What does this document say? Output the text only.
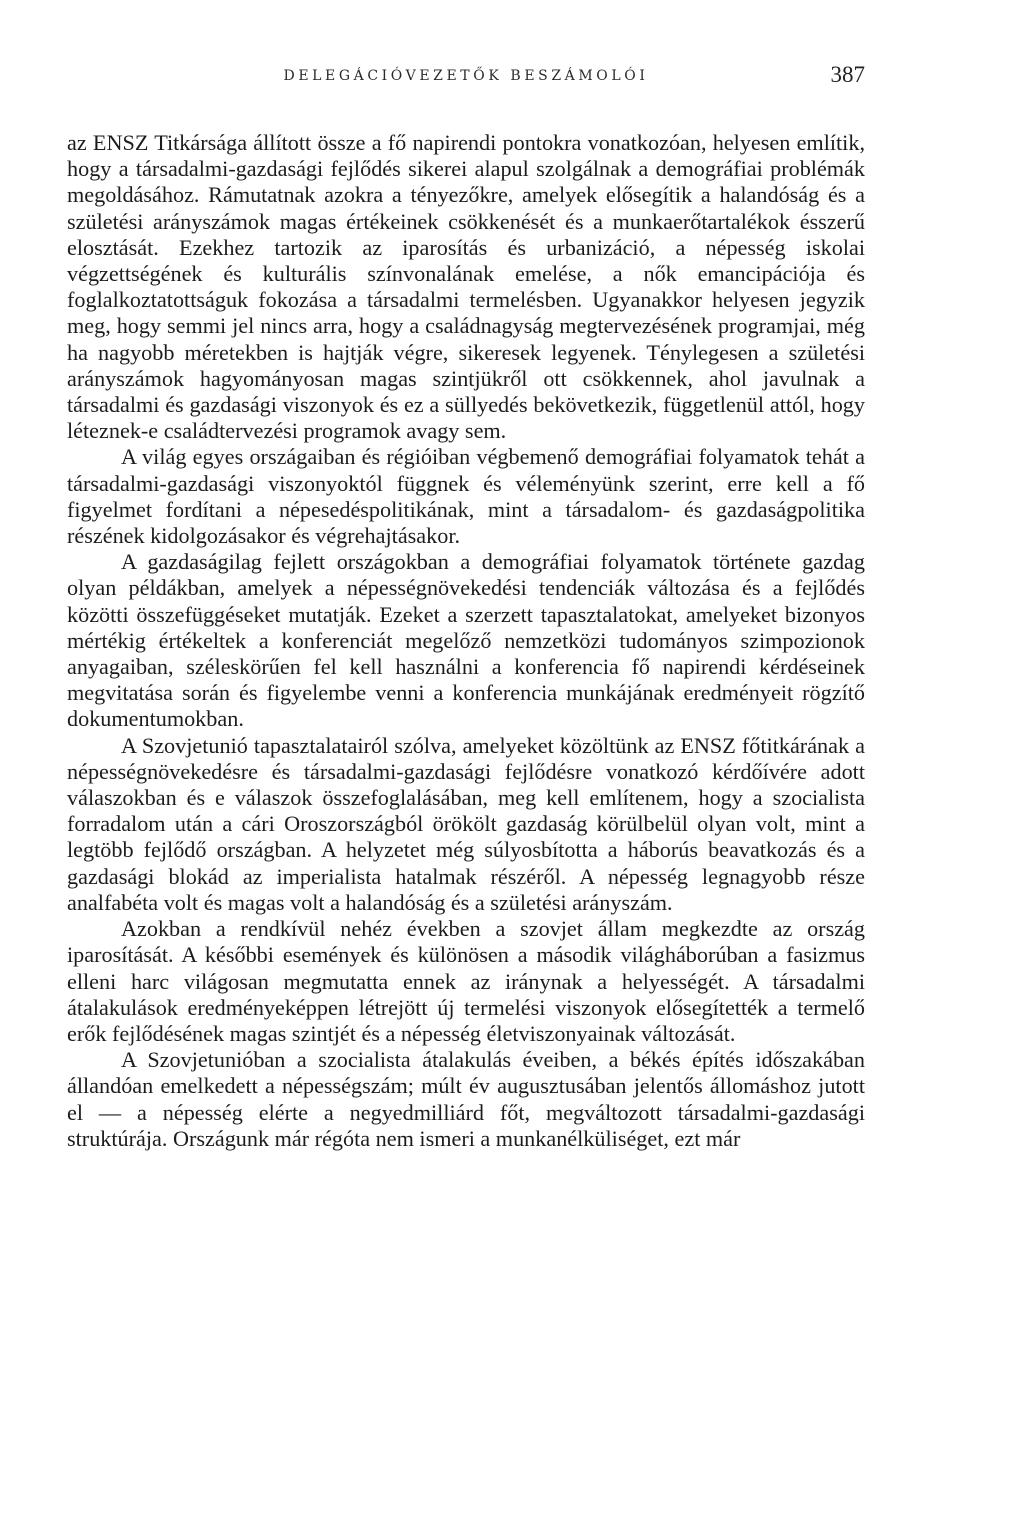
DELEGÁCIÓVEZETŐK BESZÁMOLÓI	387

az ENSZ Titkársága állított össze a fő napirendi pontokra vonatkozóan, helyesen említik, hogy a társadalmi-gazdasági fejlődés sikerei alapul szolgálnak a demográfiai problémák megoldásához. Rámutatnak azokra a tényezőkre, amelyek elősegítik a halandóság és a születési arányszámok magas értékeinek csökkenését és a munkaerőtartalékok ésszerű elosztását. Ezekhez tartozik az iparosítás és urbanizáció, a népesség iskolai végzettségének és kulturális színvonalának emelése, a nők emancipációja és foglalkoztatottságuk fokozása a társadalmi termelésben. Ugyanakkor helyesen jegyzik meg, hogy semmi jel nincs arra, hogy a családnagyság megtervezésének programjai, még ha nagyobb méretekben is hajtják végre, sikeresek legyenek. Ténylegesen a születési arányszámok hagyományosan magas szintjükről ott csökkennek, ahol javulnak a társadalmi és gazdasági viszonyok és ez a süllyedés bekövetkezik, függetlenül attól, hogy léteznek-e családtervezési programok avagy sem.

A világ egyes országaiban és régióiban végbemenő demográfiai folyamatok tehát a társadalmi-gazdasági viszonyoktól függnek és véleményünk szerint, erre kell a fő figyelmet fordítani a népesedéspolitikának, mint a társadalom- és gazdaságpolitika részének kidolgozásakor és végrehajtásakor.

A gazdaságilag fejlett országokban a demográfiai folyamatok története gazdag olyan példákban, amelyek a népességnövekedési tendenciák változása és a fejlődés közötti összefüggéseket mutatják. Ezeket a szerzett tapasztalatokat, amelyeket bizonyos mértékig értékeltek a konferenciát megelőző nemzetközi tudományos szimpozionok anyagaiban, széleskörűen fel kell használni a konferencia fő napirendi kérdéseinek megvitatása során és figyelembe venni a konferencia munkájának eredményeit rögzítő dokumentumokban.

A Szovjetunió tapasztalatairól szólva, amelyeket közöltünk az ENSZ főtitkárának a népességnövekedésre és társadalmi-gazdasági fejlődésre vonatkozó kérdőívére adott válaszokban és e válaszok összefoglalásában, meg kell említenem, hogy a szocialista forradalom után a cári Oroszországból örökölt gazdaság körülbelül olyan volt, mint a legtöbb fejlődő országban. A helyzetet még súlyosbította a háborús beavatkozás és a gazdasági blokád az imperialista hatalmak részéről. A népesség legnagyobb része analfabéta volt és magas volt a halandóság és a születési arányszám.

Azokban a rendkívül nehéz években a szovjet állam megkezdte az ország iparosítását. A későbbi események és különösen a második világháborúban a fasizmus elleni harc világosan megmutatta ennek az iránynak a helyességét. A társadalmi átalakulások eredményeképpen létrejött új termelési viszonyok elősegítették a termelő erők fejlődésének magas szintjét és a népesség életviszonyainak változását.

A Szovjetunióban a szocialista átalakulás éveiben, a békés építés időszakában állandóan emelkedett a népességszám; múlt év augusztusában jelentős állomáshoz jutott el — a népesség elérte a negyedmilliárd főt, megváltozott társadalmi-gazdasági struktúrája. Országunk már régóta nem ismeri a munkanélküliséget, ezt már
